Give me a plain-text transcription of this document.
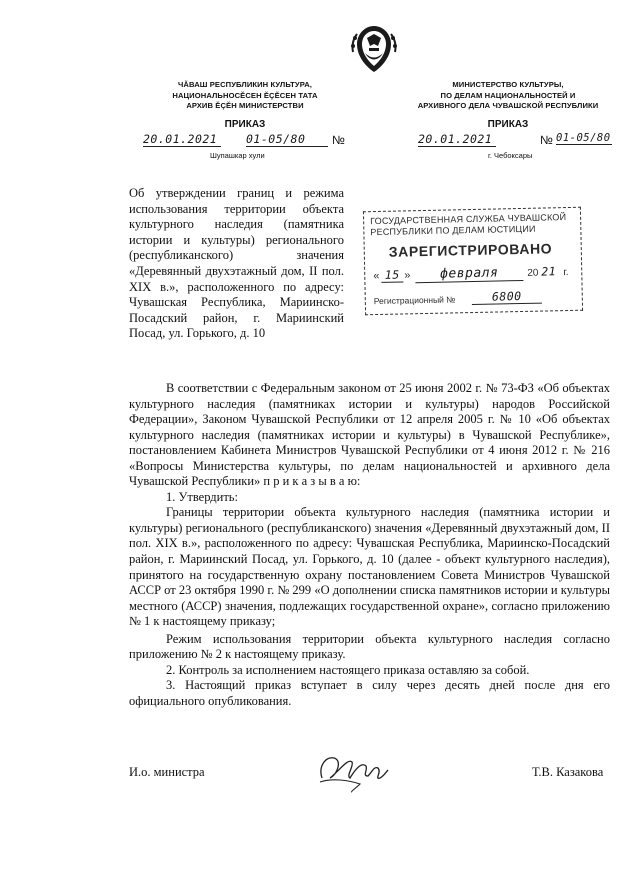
ЧĂВАШ РЕСПУБЛИКИН КУЛЬТУРА,
НАЦИОНАЛЬНОСĔСЕН ĔÇĔСЕН ТАТА
АРХИВ ĔÇĔН МИНИСТЕРСТВИ
ПРИКАЗ
20.01.2021	01-05/80	№
Шупашкар хули
МИНИСТЕРСТВО КУЛЬТУРЫ,
ПО ДЕЛАМ НАЦИОНАЛЬНОСТЕЙ И
АРХИВНОГО ДЕЛА ЧУВАШСКОЙ РЕСПУБЛИКИ
ПРИКАЗ
20.01.2021	№ 01-05/80
г. Чебоксары
Об утверждении границ и режима использования территории объекта культурного наследия (памятника истории и культуры) регионального (республиканского) значения «Деревянный двухэтажный дом, II пол. XIX в.», расположенного по адресу: Чувашская Республика, Мариинско-Посадский район, г. Мариинский Посад, ул. Горького, д. 10
ГОСУДАРСТВЕННАЯ СЛУЖБА ЧУВАШСКОЙ
РЕСПУБЛИКИ ПО ДЕЛАМ ЮСТИЦИИ
ЗАРЕГИСТРИРОВАНО
« 15 »	февраля	20 21 г.
Регистрационный №	6800

В соответствии с Федеральным законом от 25 июня 2002 г. № 73-ФЗ «Об объектах культурного наследия (памятниках истории и культуры) народов Российской Федерации», Законом Чувашской Республики от 12 апреля 2005 г. № 10 «Об объектах культурного наследия (памятниках истории и культуры) в Чувашской Республике», постановлением Кабинета Министров Чувашской Республики от 4 июня 2012 г. № 216 «Вопросы Министерства культуры, по делам национальностей и архивного дела Чувашской Республики» п р и к а з ы в а ю:

1. Утвердить:

Границы территории объекта культурного наследия (памятника истории и культуры) регионального (республиканского) значения «Деревянный двухэтажный дом, II пол. XIX в.», расположенного по адресу: Чувашская Республика, Мариинско-Посадский район, г. Мариинский Посад, ул. Горького, д. 10 (далее - объект культурного наследия), принятого на государственную охрану постановлением Совета Министров Чувашской АССР от 23 октября 1990 г. № 299 «О дополнении списка памятников истории и культуры местного (АССР) значения, подлежащих государственной охране», согласно приложению № 1 к настоящему приказу;

Режим использования территории объекта культурного наследия согласно приложению № 2 к настоящему приказу.

2. Контроль за исполнением настоящего приказа оставляю за собой.

3. Настоящий приказ вступает в силу через десять дней после дня его официального опубликования.

И.о. министра	Т.В. Казакова
